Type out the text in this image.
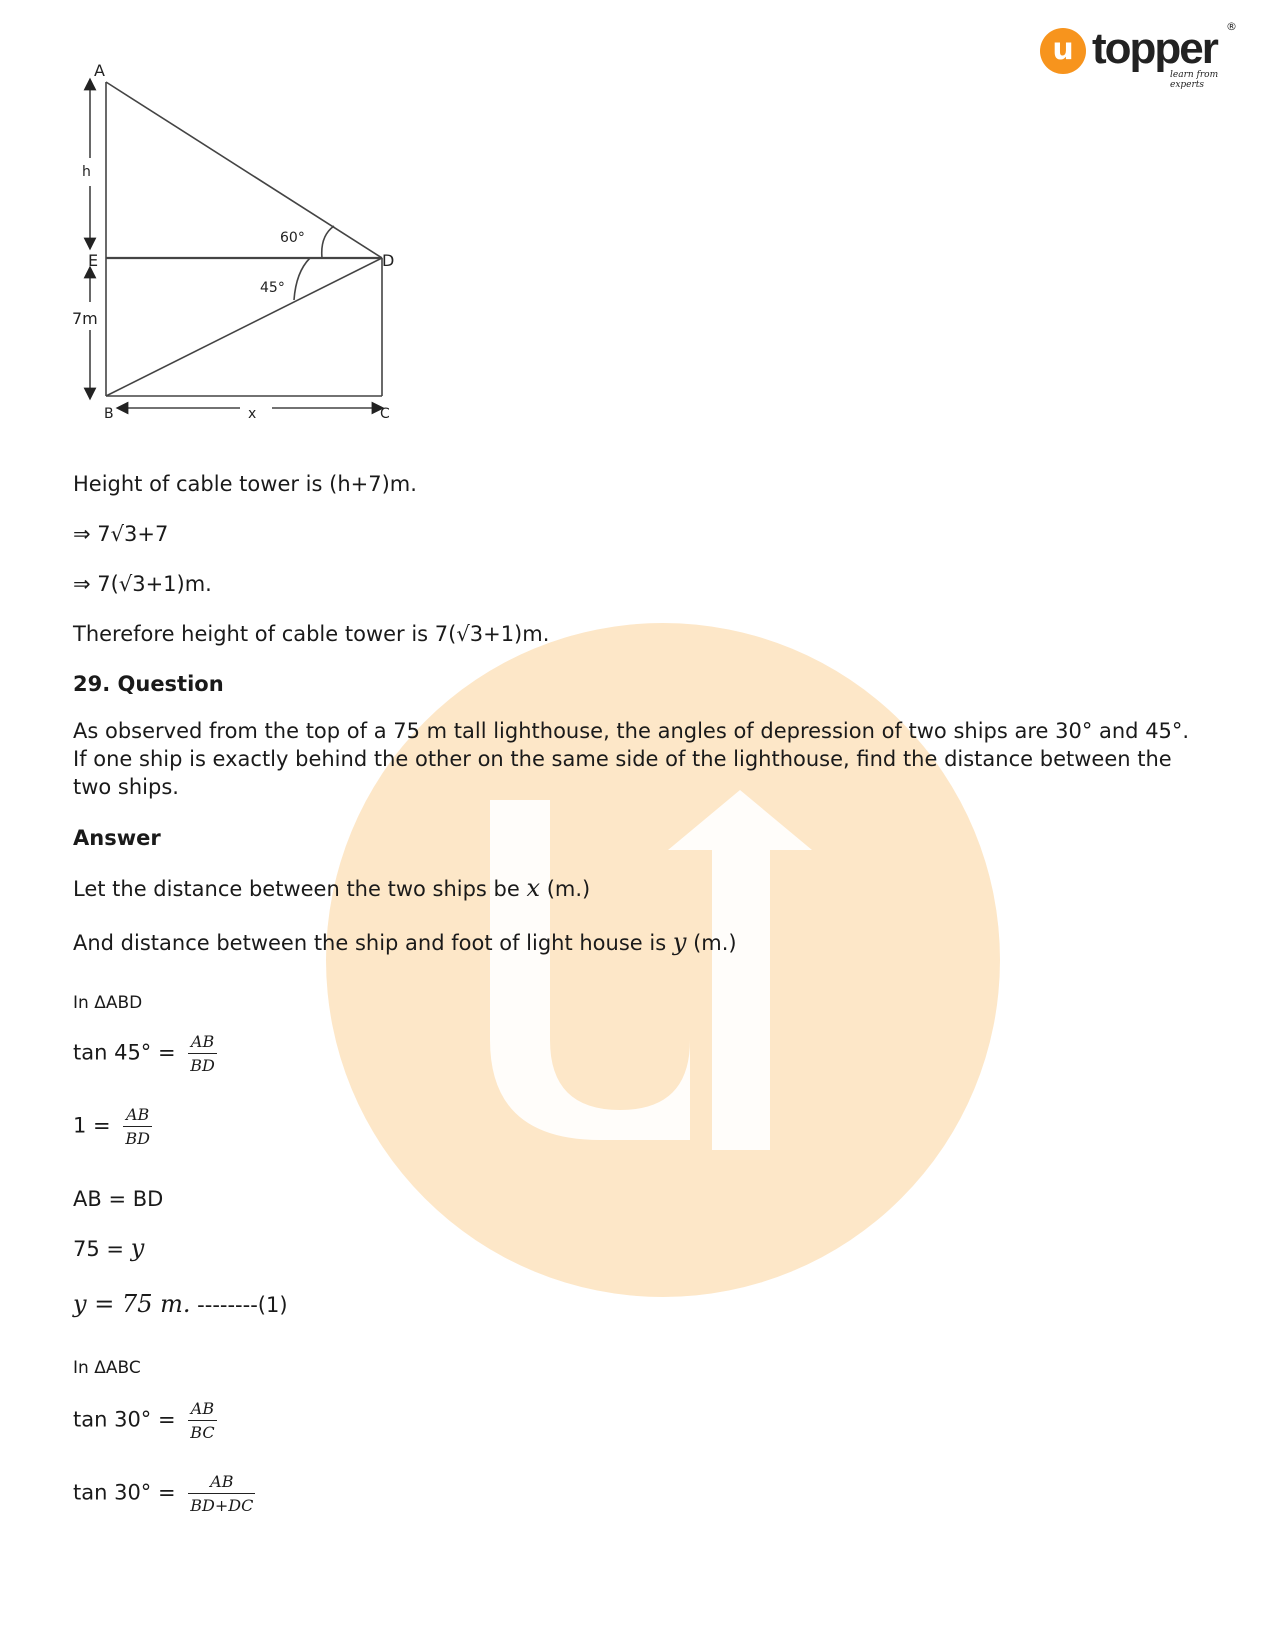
u topper ®
learn from experts
A
h
E	D
7m
60°
45°
B	x	C
Height of cable tower is (h+7)m.
⇒ 7√3+7
⇒ 7(√3+1)m.
Therefore height of cable tower is 7(√3+1)m.
29. Question
As observed from the top of a 75 m tall lighthouse, the angles of depression of two ships are 30° and 45°. If one ship is exactly behind the other on the same side of the lighthouse, find the distance between the two ships.
Answer
Let the distance between the two ships be x (m.)
And distance between the ship and foot of light house is y (m.)
In ΔABD
$\tan 45^\circ = \frac{AB}{BD}$
$1 = \frac{AB}{BD}$
AB = BD
75 = y
y = 75 m. --------(1)
In ΔABC
$\tan 30^\circ = \frac{AB}{BC}$
$\tan 30^\circ = \frac{AB}{BD+DC}$
